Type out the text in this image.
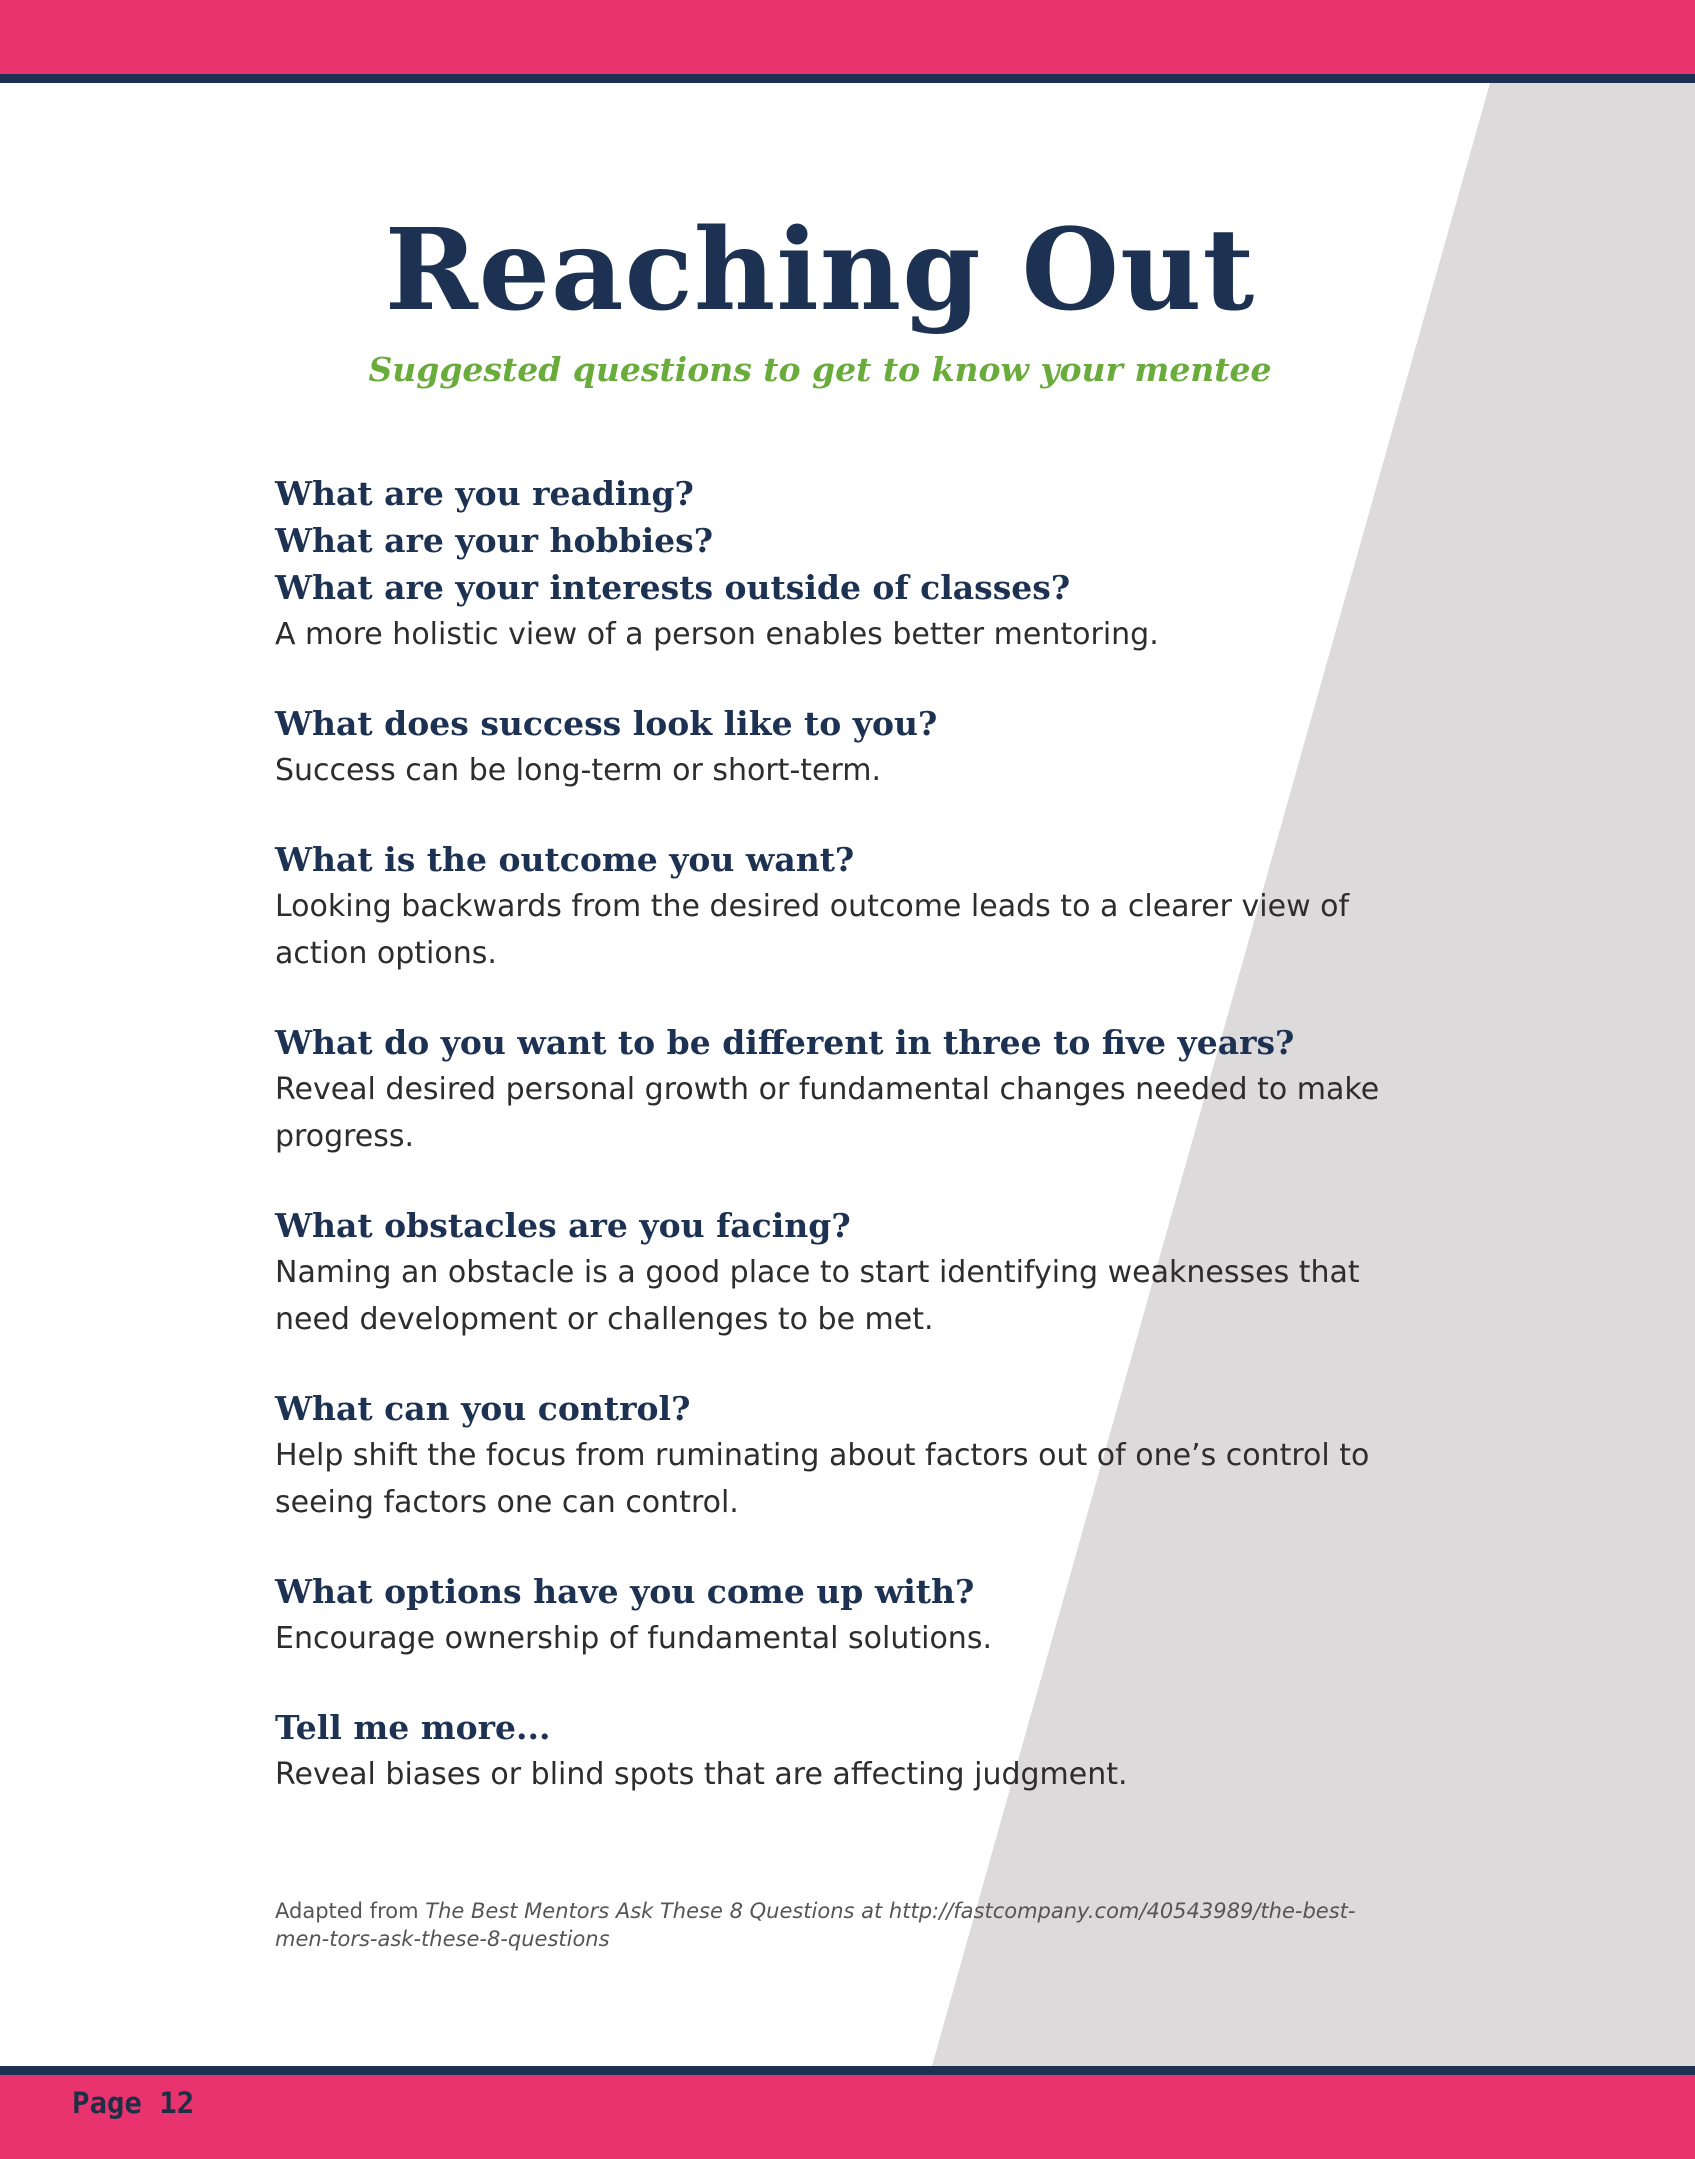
Reaching Out

Suggested questions to get to know your mentee

What are you reading?

What are your hobbies?

What are your interests outside of classes?

A more holistic view of a person enables better mentoring.

What does success look like to you?

Success can be long-term or short-term.

What is the outcome you want?

Looking backwards from the desired outcome leads to a clearer view of action options.

What do you want to be different in three to five years?

Reveal desired personal growth or fundamental changes needed to make progress.

What obstacles are you facing?

Naming an obstacle is a good place to start identifying weaknesses that need development or challenges to be met.

What can you control?

Help shift the focus from ruminating about factors out of one’s control to seeing factors one can control.

What options have you come up with?

Encourage ownership of fundamental solutions.

Tell me more...

Reveal biases or blind spots that are affecting judgment.

Adapted from The Best Mentors Ask These 8 Questions at http://fastcompany.com/40543989/the-best-men-tors-ask-these-8-questions
Page 12
